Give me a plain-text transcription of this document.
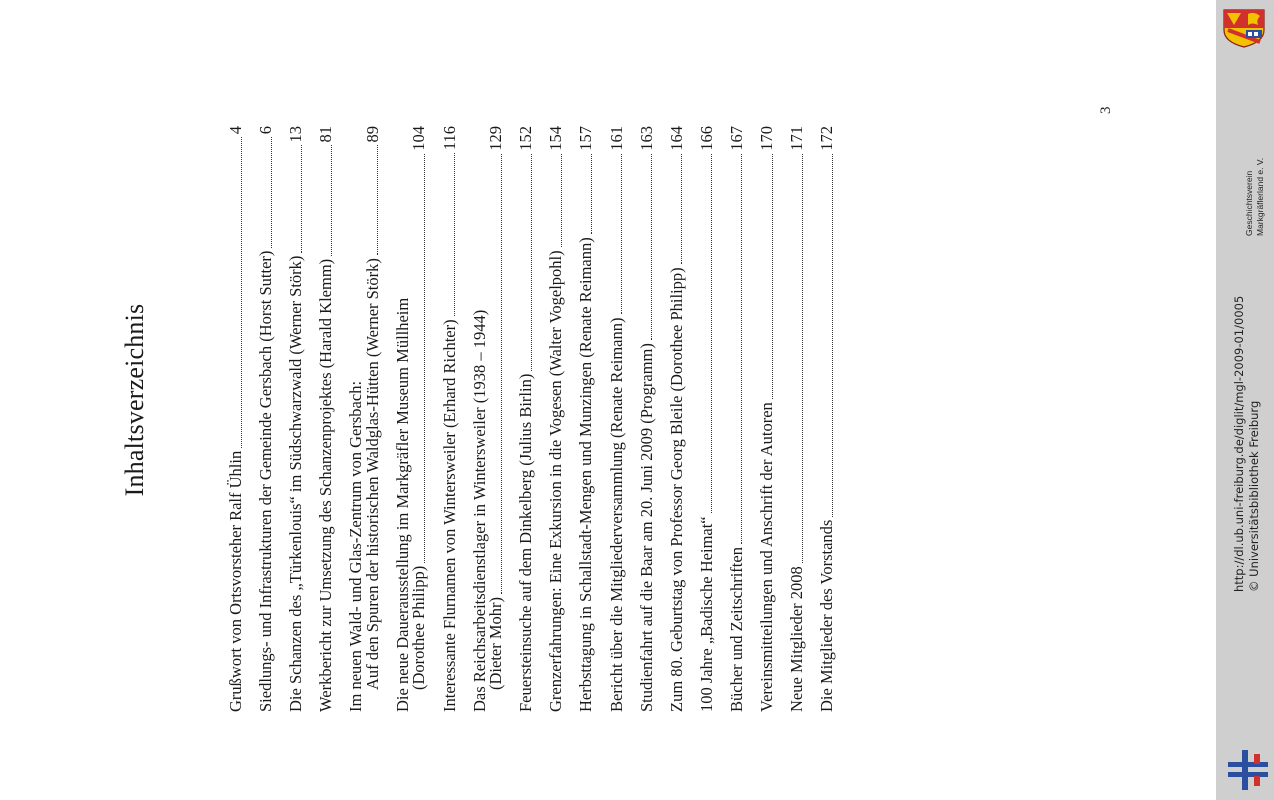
Inhaltsverzeichnis
Grußwort von Ortsvorsteher Ralf Ühlin
4
Siedlungs- und Infrastrukturen der Gemeinde Gersbach (Horst Sutter)
6
Die Schanzen des „Türkenlouis“ im Südschwarzwald (Werner Störk)
13
Werkbericht zur Umsetzung des Schanzenprojektes (Harald Klemm)
81
Im neuen Wald- und Glas-Zentrum von Gersbach:
Auf den Spuren der historischen Waldglas-Hütten (Werner Störk)
89
Die neue Dauerausstellung im Markgräfler Museum Müllheim
(Dorothee Philipp)
104
Interessante Flurnamen von Wintersweiler (Erhard Richter)
116
Das Reichsarbeitsdienstlager in Wintersweiler (1938 – 1944)
(Dieter Mohr)
129
Feuersteinsuche auf dem Dinkelberg (Julius Birlin)
152
Grenzerfahrungen: Eine Exkursion in die Vogesen (Walter Vogelpohl)
154
Herbsttagung in Schallstadt-Mengen und Munzingen (Renate Reimann)
157
Bericht über die Mitgliederversammlung (Renate Reimann)
161
Studienfahrt auf die Baar am 20. Juni 2009 (Programm)
163
Zum 80. Geburtstag von Professor Georg Bleile (Dorothee Philipp)
164
100 Jahre „Badische Heimat“
166
Bücher und Zeitschriften
167
Vereinsmitteilungen und Anschrift der Autoren
170
Neue Mitglieder 2008
171
Die Mitglieder des Vorstands
172
3
Geschichtsverein Markgräflerland e. V.
http://dl.ub.uni-freiburg.de/diglit/mgl-2009-01/0005 © Universitätsbibliothek Freiburg
